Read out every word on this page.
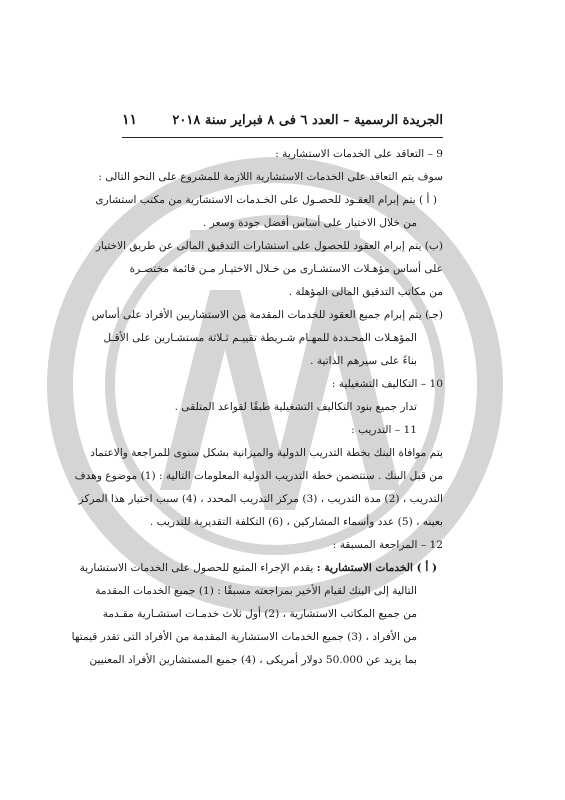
الجريدة الرسمية – العدد ٦ فى ٨ فبراير سنة ٢٠١٨
١١
9 – التعاقد على الخدمات الاستشارية :
سوف يتم التعاقد على الخدمات الاستشارية اللازمة للمشروع على النحو التالى :
( أ ) يتم إبرام العقـود للحصـول على الخـدمات الاستشارية من مكتب استشارى
من خلال الاختيار على أساس أفضل جودة وسعر .
(ب) يتم إبرام العقود للحصول على استشارات التدقيق المالى عن طريق الاختيار
على أساس مؤهـلات الاستشـارى من خـلال الاختيـار مـن قائمة مختصـرة
من مكاتب التدقيق المالى المؤهلة .
(جـ) يتم إبرام جميع العقود للخدمات المقدمة من الاستشاريين الأفراد على أساس
المؤهـلات المحـددة للمهـام شـريطة تقييـم ثـلاثة مستشـارين على الأقـل
بناءً على سيرهم الذاتية .
10 – التكاليف التشغيلية :
تدار جميع بنود التكاليف التشغيلية طبقًا لقواعد المتلقى .
11 – التدريب :
يتم موافاة البنك بخطة التدريب الدولية والميزانية بشكل سنوى للمراجعة والاعتماد
من قبل البنك . ستتضمن خطة التدريب الدولية المعلومات التالية : (1) موضوع وهدف
التدريب ، (2) مدة التدريب ، (3) مركز التدريب المحدد ، (4) سبب اختيار هذا المركز
بعينه ، (5) عدد وأسماء المشاركين ، (6) التكلفة التقديرية للتدريب .
12 – المراجعة المسبقة :
( أ ) الخدمات الاستشارية : يقدم الإجراء المتبع للحصول على الخدمات الاستشارية
التالية إلى البنك لقيام الأخير بمراجعته مسبقًا : (1) جميع الخدمات المقدمة
من جميع المكاتب الاستشارية ، (2) أول ثلاث خدمـات استشـارية مقـدمة
من الأفراد ، (3) جميع الخدمات الاستشارية المقدمة من الأفراد التى تقدر قيمتها
بما يزيد عن 50.000 دولار أمريكى ، (4) جميع المستشارين الأفراد المعنيين
